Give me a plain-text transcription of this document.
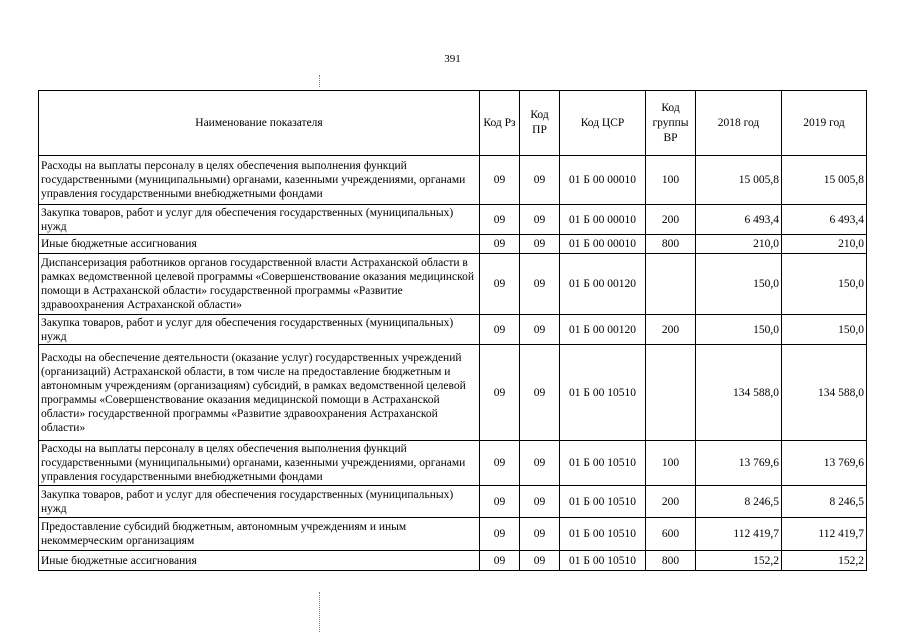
391
Наименование показателя	Код Рз	Код ПР	Код ЦСР	Код группы ВР	2018 год	2019 год
Расходы на выплаты персоналу в целях обеспечения выполнения функций государственными (муниципальными) органами, казенными учреждениями, органами управления государственными внебюджетными фондами	09	09	01 Б 00 00010	100	15 005,8	15 005,8
Закупка товаров, работ и услуг для обеспечения государственных (муниципальных) нужд	09	09	01 Б 00 00010	200	6 493,4	6 493,4
Иные бюджетные ассигнования	09	09	01 Б 00 00010	800	210,0	210,0
Диспансеризация работников органов государственной власти Астраханской области в рамках ведомственной целевой программы «Совершенствование оказания медицинской помощи в Астраханской области» государственной программы «Развитие здравоохранения Астраханской области»	09	09	01 Б 00 00120		150,0	150,0
Закупка товаров, работ и услуг для обеспечения государственных (муниципальных) нужд	09	09	01 Б 00 00120	200	150,0	150,0
Расходы на обеспечение деятельности (оказание услуг) государственных учреждений (организаций) Астраханской области, в том числе на предоставление бюджетным и автономным учреждениям (организациям) субсидий, в рамках ведомственной целевой программы «Совершенствование оказания медицинской помощи в Астраханской области» государственной программы «Развитие здравоохранения Астраханской области»	09	09	01 Б 00 10510		134 588,0	134 588,0
Расходы на выплаты персоналу в целях обеспечения выполнения функций государственными (муниципальными) органами, казенными учреждениями, органами управления государственными внебюджетными фондами	09	09	01 Б 00 10510	100	13 769,6	13 769,6
Закупка товаров, работ и услуг для обеспечения государственных (муниципальных) нужд	09	09	01 Б 00 10510	200	8 246,5	8 246,5
Предоставление субсидий бюджетным, автономным учреждениям и иным некоммерческим организациям	09	09	01 Б 00 10510	600	112 419,7	112 419,7
Иные бюджетные ассигнования	09	09	01 Б 00 10510	800	152,2	152,2
